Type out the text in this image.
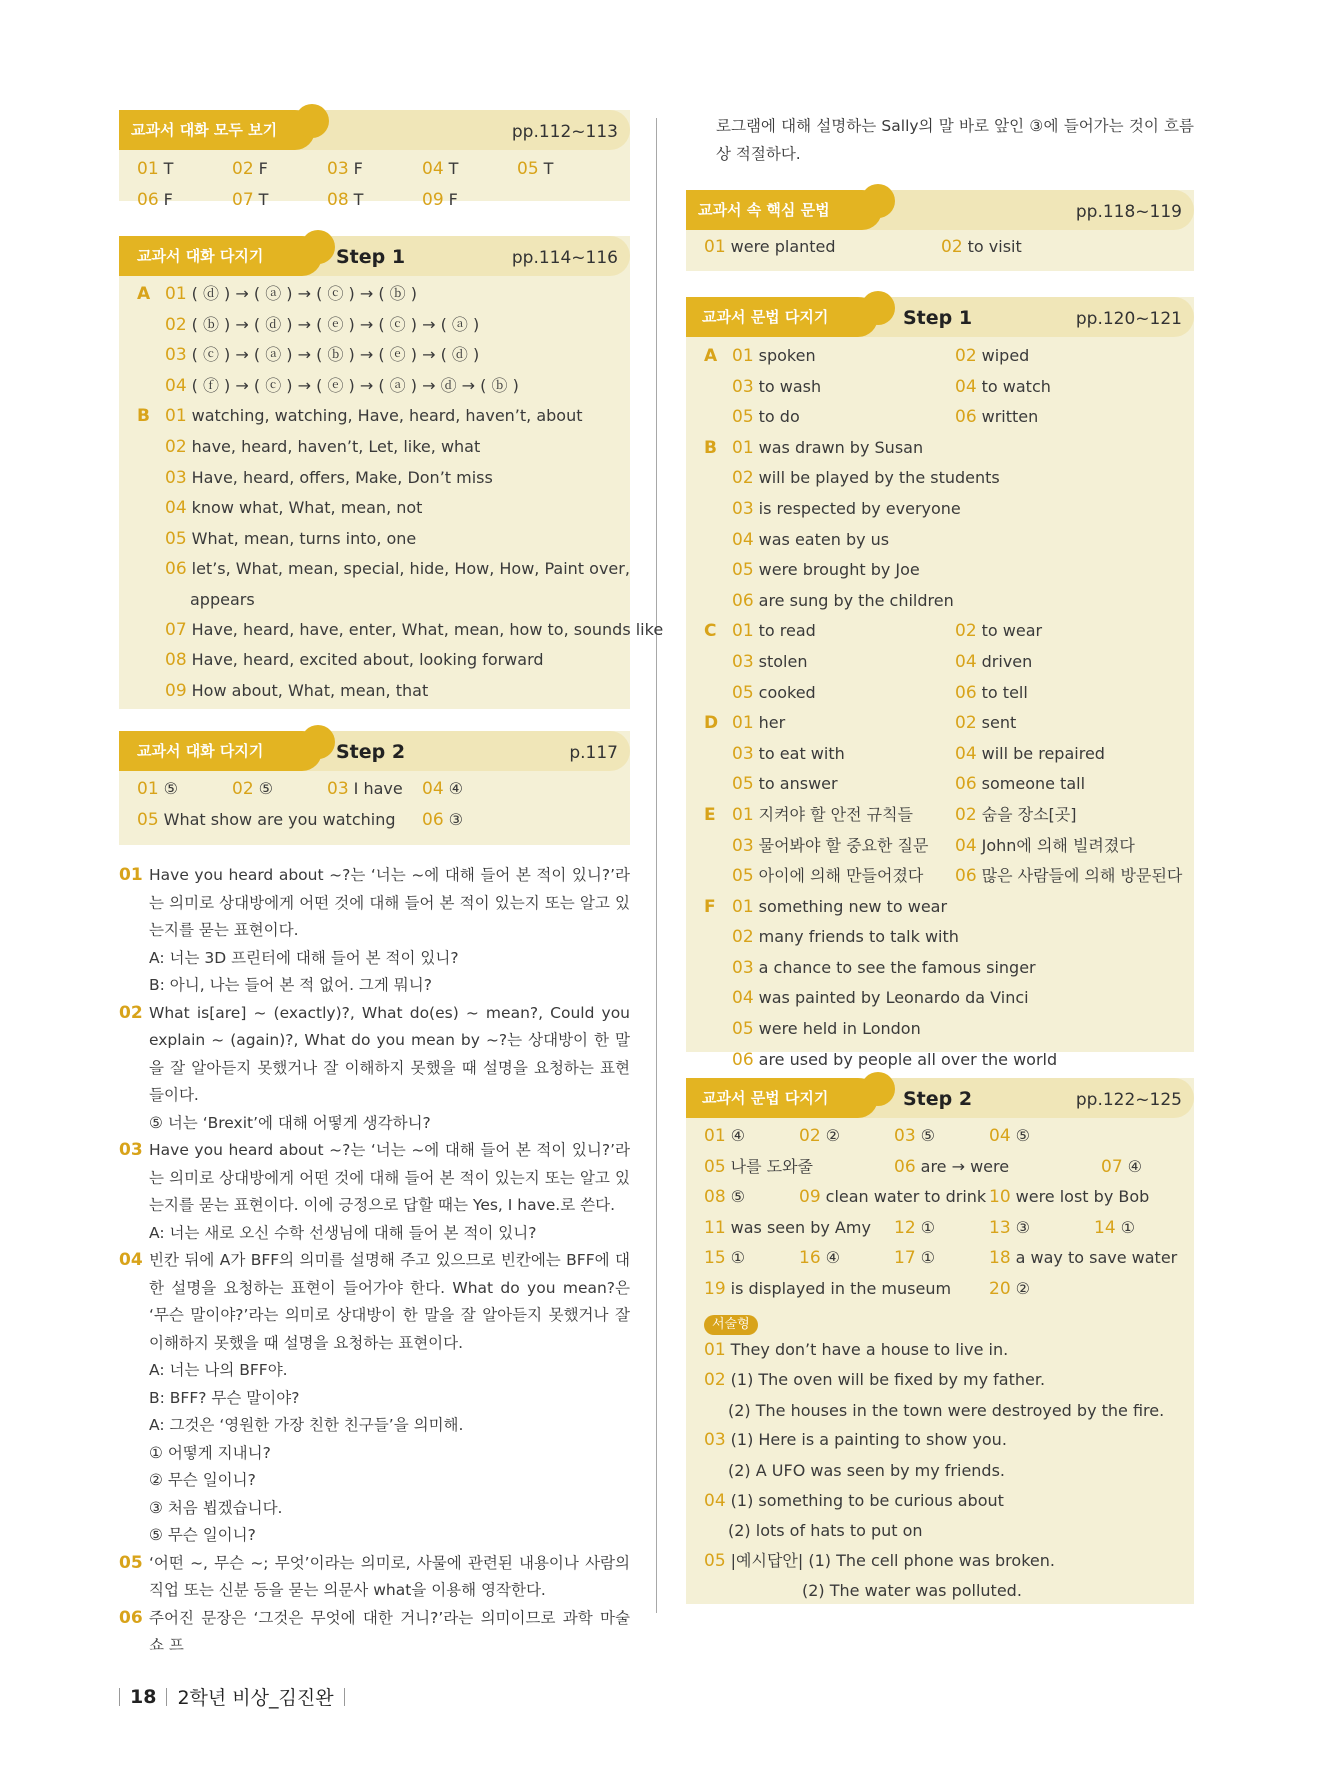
교과서 대화 모두 보기	pp.112~113
01 T	02 F	03 F	04 T	05 T
06 F	07 T	08 T	09 F
교과서 대화 다지기	Step 1	pp.114~116
A 01 ( ⓓ ) → ( ⓐ ) → ( ⓒ ) → ( ⓑ )
02 ( ⓑ ) → ( ⓓ ) → ( ⓔ ) → ( ⓒ ) → ( ⓐ )
03 ( ⓒ ) → ( ⓐ ) → ( ⓑ ) → ( ⓔ ) → ( ⓓ )
04 ( ⓕ ) → ( ⓒ ) → ( ⓔ ) → ( ⓐ ) → ⓓ → ( ⓑ )
B 01 watching, watching, Have, heard, haven’t, about
02 have, heard, haven’t, Let, like, what
03 Have, heard, offers, Make, Don’t miss
04 know what, What, mean, not
05 What, mean, turns into, one
06 let’s, What, mean, special, hide, How, How, Paint over,
appears
07 Have, heard, have, enter, What, mean, how to, sounds like
08 Have, heard, excited about, looking forward
09 How about, What, mean, that
교과서 대화 다지기	Step 2	p.117
01 ⑤	02 ⑤	03 I have	04 ④
05 What show are you watching	06 ③
01 Have you heard about ~?는 ‘너는 ~에 대해 들어 본 적이 있니?’라는 의미로 상대방에게 어떤 것에 대해 들어 본 적이 있는지 또는 알고 있는지를 묻는 표현이다.
A: 너는 3D 프린터에 대해 들어 본 적이 있니?
B: 아니, 나는 들어 본 적 없어. 그게 뭐니?
02 What is[are] ~ (exactly)?, What do(es) ~ mean?, Could you explain ~ (again)?, What do you mean by ~?는 상대방이 한 말을 잘 알아듣지 못했거나 잘 이해하지 못했을 때 설명을 요청하는 표현들이다.
⑤ 너는 ‘Brexit’에 대해 어떻게 생각하니?
03 Have you heard about ~?는 ‘너는 ~에 대해 들어 본 적이 있니?’라는 의미로 상대방에게 어떤 것에 대해 들어 본 적이 있는지 또는 알고 있는지를 묻는 표현이다. 이에 긍정으로 답할 때는 Yes, I have.로 쓴다.
A: 너는 새로 오신 수학 선생님에 대해 들어 본 적이 있니?
04 빈칸 뒤에 A가 BFF의 의미를 설명해 주고 있으므로 빈칸에는 BFF에 대한 설명을 요청하는 표현이 들어가야 한다. What do you mean?은 ‘무슨 말이야?’라는 의미로 상대방이 한 말을 잘 알아듣지 못했거나 잘 이해하지 못했을 때 설명을 요청하는 표현이다.
A: 너는 나의 BFF야.
B: BFF? 무슨 말이야?
A: 그것은 ‘영원한 가장 친한 친구들’을 의미해.
① 어떻게 지내니?
② 무슨 일이니?
③ 처음 뵙겠습니다.
⑤ 무슨 일이니?
05 ‘어떤 ~, 무슨 ~; 무엇’이라는 의미로, 사물에 관련된 내용이나 사람의 직업 또는 신분 등을 묻는 의문사 what을 이용해 영작한다.
06 주어진 문장은 ‘그것은 무엇에 대한 거니?’라는 의미이므로 과학 마술 쇼 프
로그램에 대해 설명하는 Sally의 말 바로 앞인 ③에 들어가는 것이 흐름상 적절하다.
교과서 속 핵심 문법	pp.118~119
01 were planted	02 to visit
교과서 문법 다지기	Step 1	pp.120~121
A 01 spoken	02 wiped
03 to wash	04 to watch
05 to do	06 written
B 01 was drawn by Susan
02 will be played by the students
03 is respected by everyone
04 was eaten by us
05 were brought by Joe
06 are sung by the children
C 01 to read	02 to wear
03 stolen	04 driven
05 cooked	06 to tell
D 01 her	02 sent
03 to eat with	04 will be repaired
05 to answer	06 someone tall
E 01 지켜야 할 안전 규칙들	02 숨을 장소[곳]
03 물어봐야 할 중요한 질문	04 John에 의해 빌려졌다
05 아이에 의해 만들어졌다	06 많은 사람들에 의해 방문된다
F 01 something new to wear
02 many friends to talk with
03 a chance to see the famous singer
04 was painted by Leonardo da Vinci
05 were held in London
06 are used by people all over the world
교과서 문법 다지기	Step 2	pp.122~125
01 ④	02 ②	03 ⑤	04 ⑤
05 나를 도와줄	06 are → were	07 ④
08 ⑤	09 clean water to drink 10 were lost by Bob
11 was seen by Amy	12 ①	13 ③	14 ①
15 ①	16 ④	17 ①	18 a way to save water
19 is displayed in the museum	20 ②
서술형
01 They don’t have a house to live in.
02 (1) The oven will be fixed by my father.
(2) The houses in the town were destroyed by the fire.
03 (1) Here is a painting to show you.
(2) A UFO was seen by my friends.
04 (1) something to be curious about
(2) lots of hats to put on
05 |예시답안| (1) The cell phone was broken.
(2) The water was polluted.
18 2학년 비상_김진완
